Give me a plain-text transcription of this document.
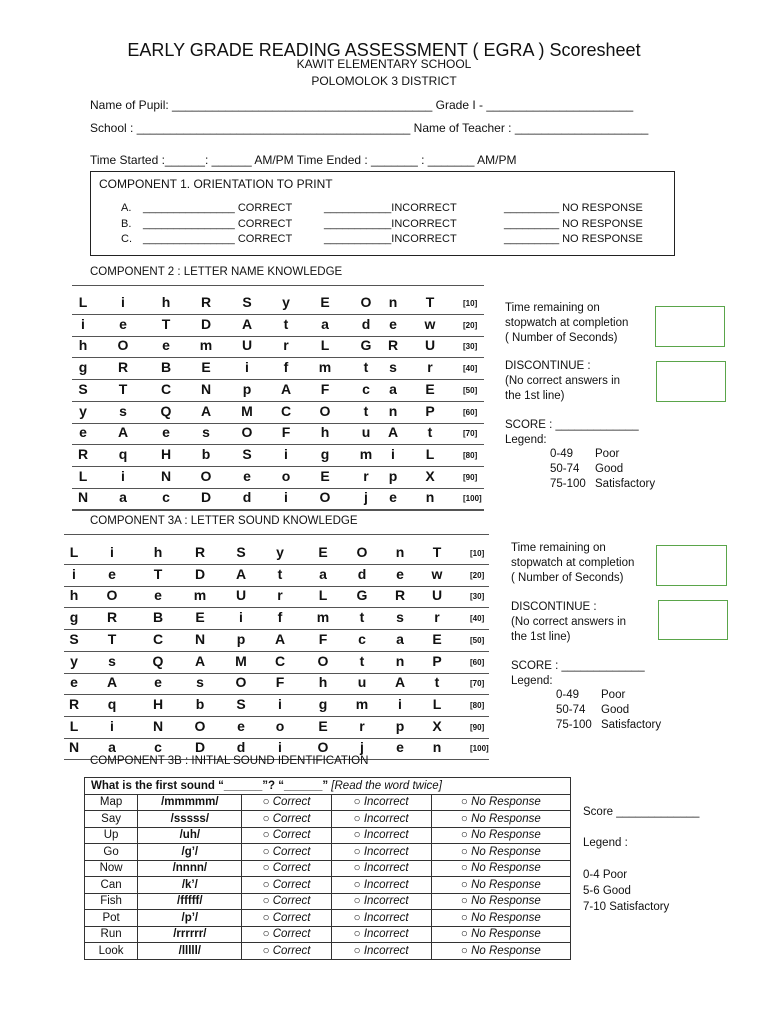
EARLY GRADE READING ASSESSMENT ( EGRA ) Scoresheet
KAWIT ELEMENTARY SCHOOL
POLOMOLOK 3 DISTRICT
Name of Pupil: _______________________________________ Grade I - ______________________
School : _________________________________________ Name of Teacher : ____________________
Time Started :______: ______ AM/PM Time Ended : _______ : _______ AM/PM
COMPONENT 1. ORIENTATION TO PRINT
A. _______________ CORRECT	___________INCORRECT	_________ NO RESPONSE
B. _______________ CORRECT	___________INCORRECT	_________ NO RESPONSE
C. _______________ CORRECT	___________INCORRECT	_________ NO RESPONSE
COMPONENT 2 : LETTER NAME KNOWLEDGE
L	i	h	R	S	y	E	O	n	T	[10]
i	e	T	D	A	t	a	d	e	w	[20]
h	O	e	m	U	r	L	G	R	U	[30]
g	R	B	E	i	f	m	t	s	r	[40]
S	T	C	N	p	A	F	c	a	E	[50]
y	s	Q	A	M	C	O	t	n	P	[60]
e	A	e	s	O	F	h	u	A	t	[70]
R	q	H	b	S	i	g	m	i	L	[80]
L	i	N	O	e	o	E	r	p	X	[90]
N	a	c	D	d	i	O	j	e	n	[100]
Time remaining on
stopwatch at completion
( Number of Seconds)
DISCONTINUE :
(No correct answers in
the 1st line)
SCORE : _____________
Legend:
0-49 Poor
50-74 Good
75-100 Satisfactory
COMPONENT 3A : LETTER SOUND KNOWLEDGE
L	i	h	R	S	y	E	O	n	T	[10]
i	e	T	D	A	t	a	d	e	w	[20]
h	O	e	m	U	r	L	G	R	U	[30]
g	R	B	E	i	f	m	t	s	r	[40]
S	T	C	N	p	A	F	c	a	E	[50]
y	s	Q	A	M	C	O	t	n	P	[60]
e	A	e	s	O	F	h	u	A	t	[70]
R	q	H	b	S	i	g	m	i	L	[80]
L	i	N	O	e	o	E	r	p	X	[90]
N	a	c	D	d	i	O	j	e	n	[100]
Time remaining on
stopwatch at completion
( Number of Seconds)
DISCONTINUE :
(No correct answers in
the 1st line)
SCORE : _____________
Legend:
0-49 Poor
50-74 Good
75-100 Satisfactory
COMPONENT 3B : INITIAL SOUND IDENTIFICATION
What is the first sound “______”? “______” [Read the word twice]				
Map	/mmmmm/	○ Correct	○ Incorrect	○ No Response
Say	/sssss/	○ Correct	○ Incorrect	○ No Response
Up	/uh/	○ Correct	○ Incorrect	○ No Response
Go	/g’/	○ Correct	○ Incorrect	○ No Response
Now	/nnnn/	○ Correct	○ Incorrect	○ No Response
Can	/k’/	○ Correct	○ Incorrect	○ No Response
Fish	/fffff/	○ Correct	○ Incorrect	○ No Response
Pot	/p’/	○ Correct	○ Incorrect	○ No Response
Run	/rrrrrr/	○ Correct	○ Incorrect	○ No Response
Look	/lllll/	○ Correct	○ Incorrect	○ No Response
Score _____________
Legend :
0-4 Poor
5-6 Good
7-10 Satisfactory
